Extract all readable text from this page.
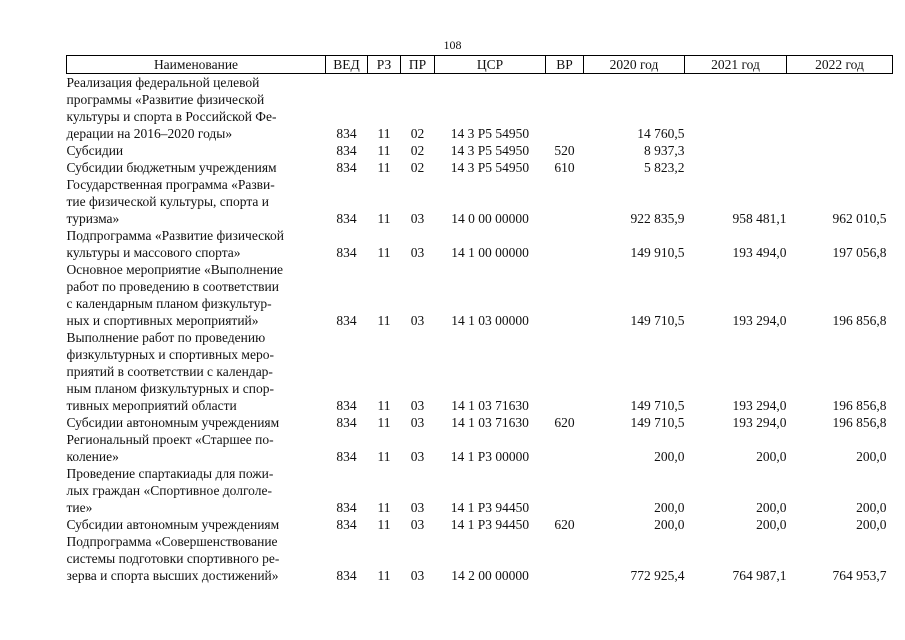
108
Наименование	ВЕД	РЗ	ПР	ЦСР	ВР	2020 год	2021 год	2022 год

Реализация федеральной целевой
программы «Развитие физической
культуры и спорта в Российской Фе-
дерации на 2016–2020 годы»	834	11	02	14 3 P5 54950		14 760,5		

Субсидии	834	11	02	14 3 P5 54950	520	8 937,3		

Субсидии бюджетным учреждениям	834	11	02	14 3 P5 54950	610	5 823,2		

Государственная программа «Разви-
тие физической культуры, спорта и
туризма»	834	11	03	14 0 00 00000		922 835,9	958 481,1	962 010,5

Подпрограмма «Развитие физической
культуры и массового спорта»	834	11	03	14 1 00 00000		149 910,5	193 494,0	197 056,8

Основное мероприятие «Выполнение
работ по проведению в соответствии
с календарным планом физкультур-
ных и спортивных мероприятий»	834	11	03	14 1 03 00000		149 710,5	193 294,0	196 856,8

Выполнение работ по проведению
физкультурных и спортивных меро-
приятий в соответствии с календар-
ным планом физкультурных и спор-
тивных мероприятий области	834	11	03	14 1 03 71630		149 710,5	193 294,0	196 856,8

Субсидии автономным учреждениям	834	11	03	14 1 03 71630	620	149 710,5	193 294,0	196 856,8

Региональный проект «Старшее по-
коление»	834	11	03	14 1 P3 00000		200,0	200,0	200,0

Проведение спартакиады для пожи-
лых граждан «Спортивное долголе-
тие»	834	11	03	14 1 P3 94450		200,0	200,0	200,0

Субсидии автономным учреждениям	834	11	03	14 1 P3 94450	620	200,0	200,0	200,0

Подпрограмма «Совершенствование
системы подготовки спортивного ре-
зерва и спорта высших достижений»	834	11	03	14 2 00 00000		772 925,4	764 987,1	764 953,7
